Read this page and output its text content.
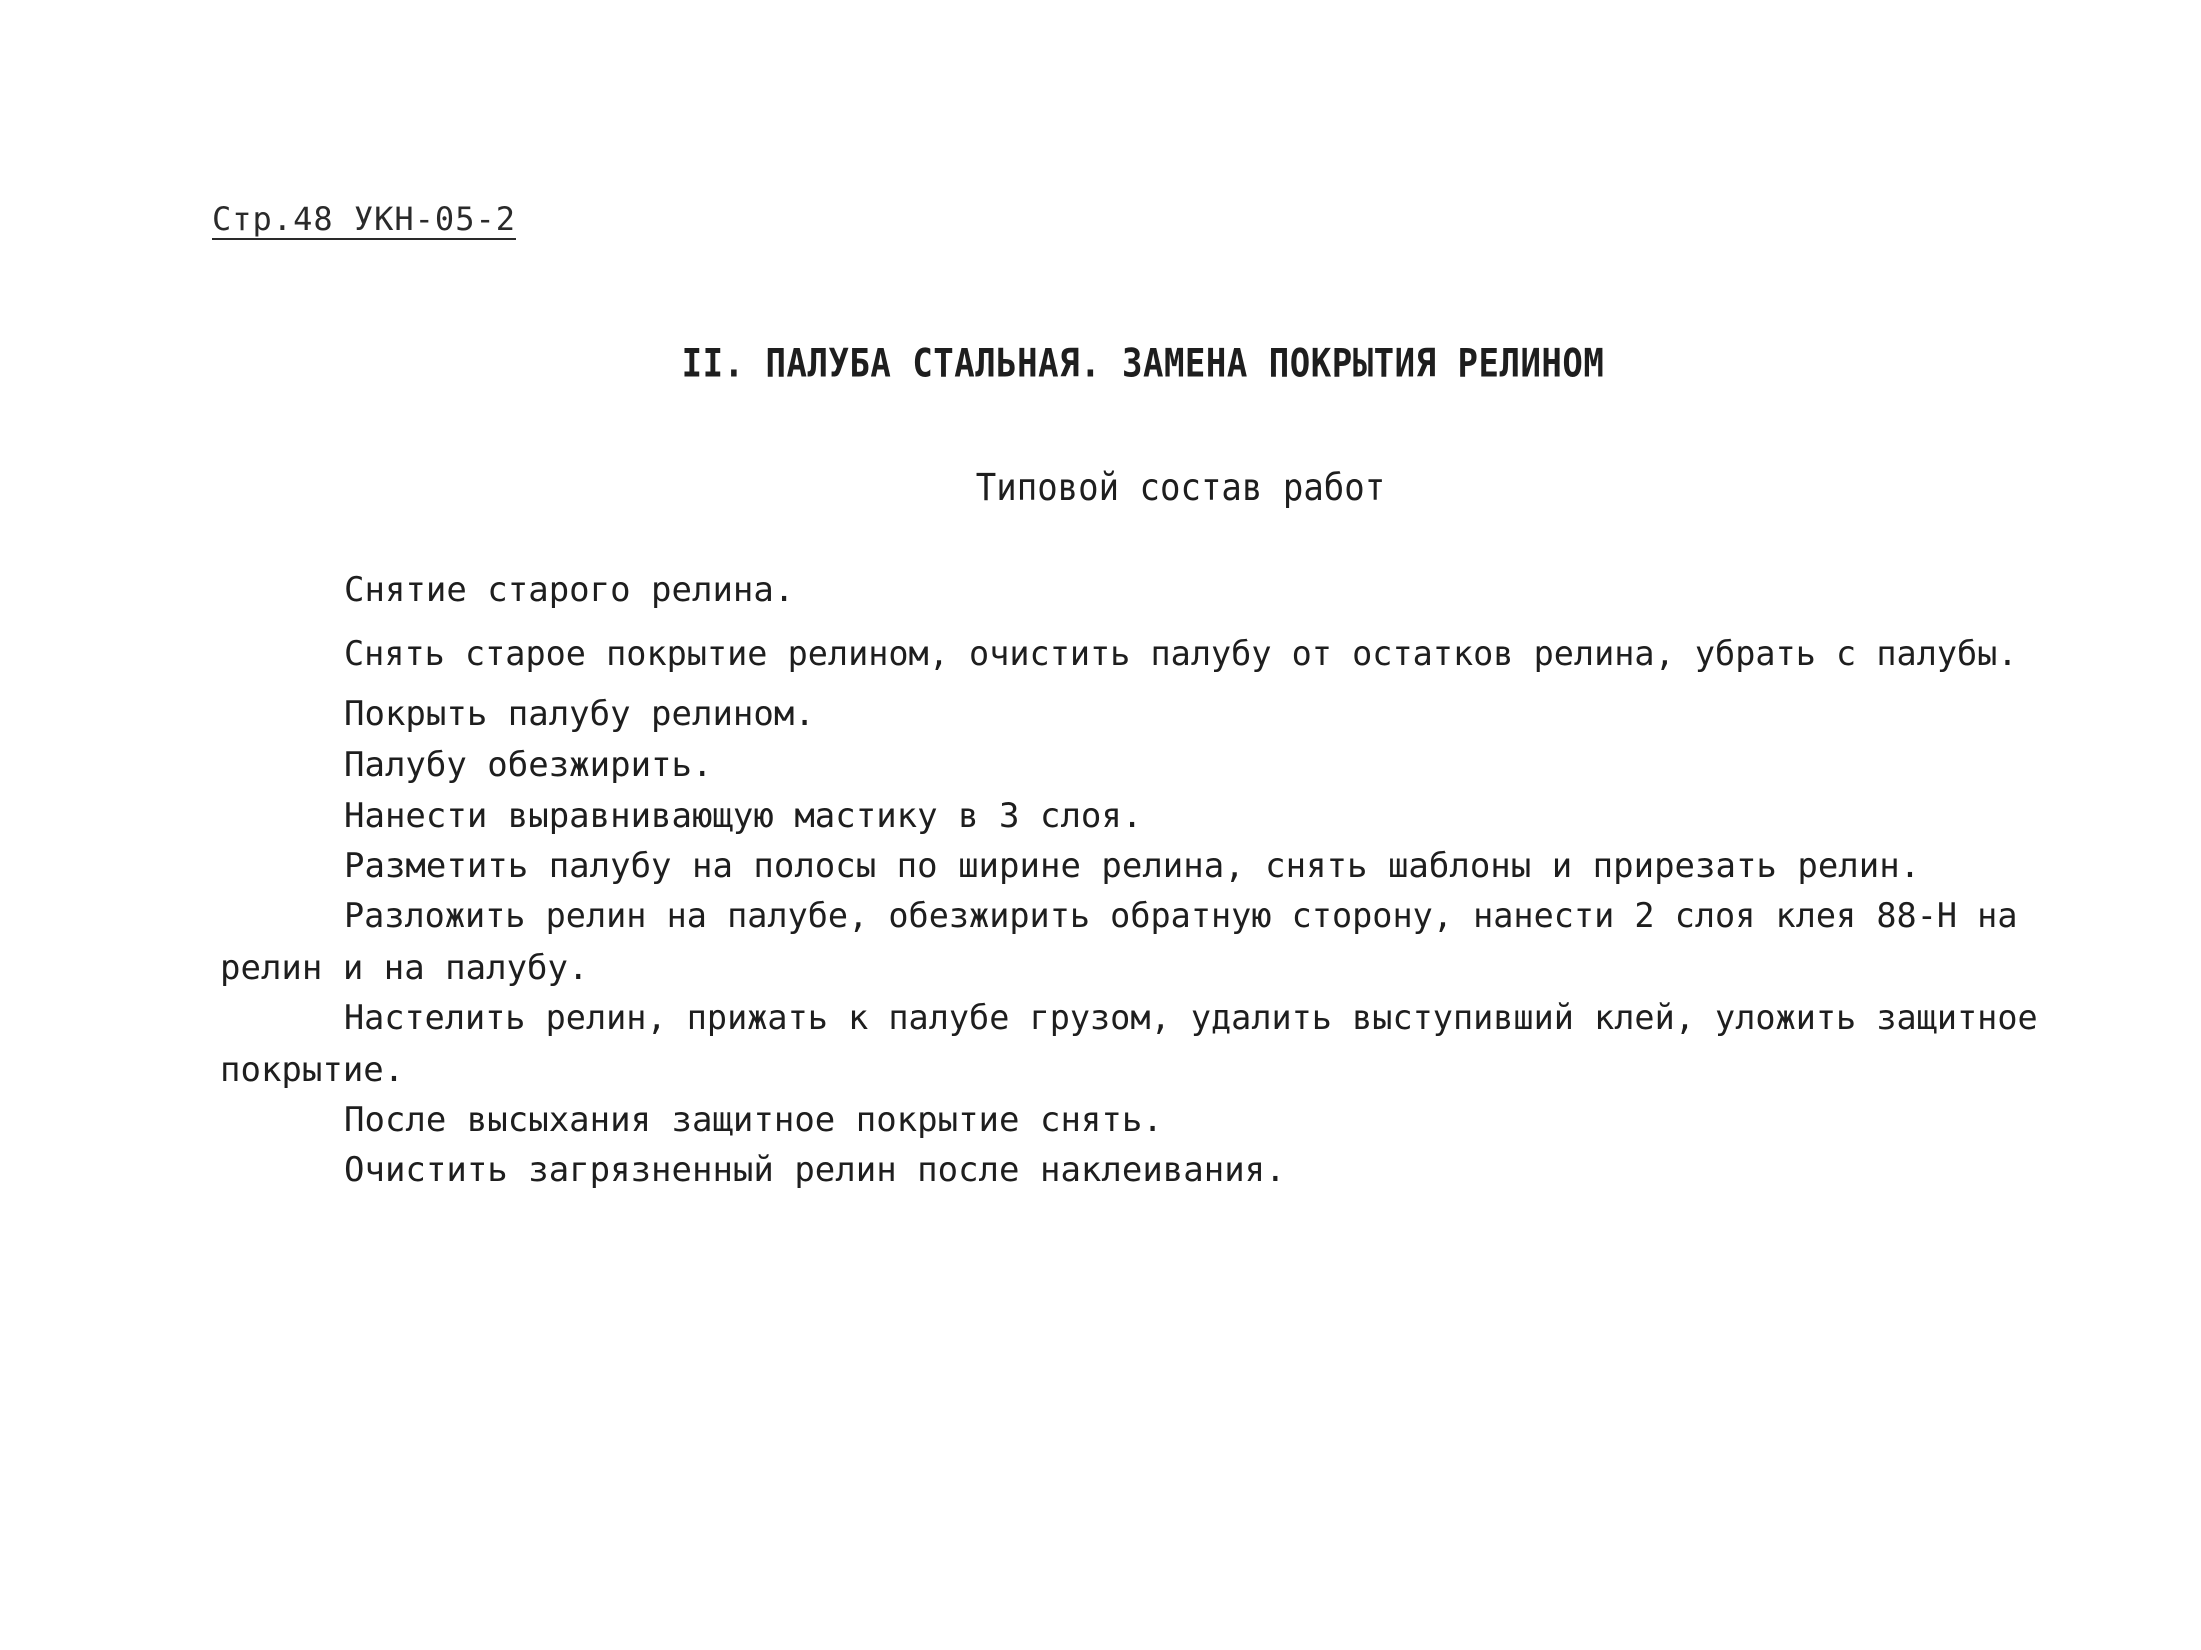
Стр.48 УКН-05-2
II. ПАЛУБА СТАЛЬНАЯ. ЗАМЕНА ПОКРЫТИЯ РЕЛИНОМ
Типовой состав работ
Снятие старого релина.
Снять старое покрытие релином, очистить палубу от остатков релина, убрать с палубы.
Покрыть палубу релином.
Палубу обезжирить.
Нанести выравнивающую мастику в 3 слоя.
Разметить палубу на полосы по ширине релина, снять шаблоны и прирезать релин.
Разложить релин на палубе, обезжирить обратную сторону, нанести 2 слоя клея 88-Н на
релин и на палубу.
Настелить релин, прижать к палубе грузом, удалить выступивший клей, уложить защитное
покрытие.
После высыхания защитное покрытие снять.
Очистить загрязненный релин после наклеивания.
